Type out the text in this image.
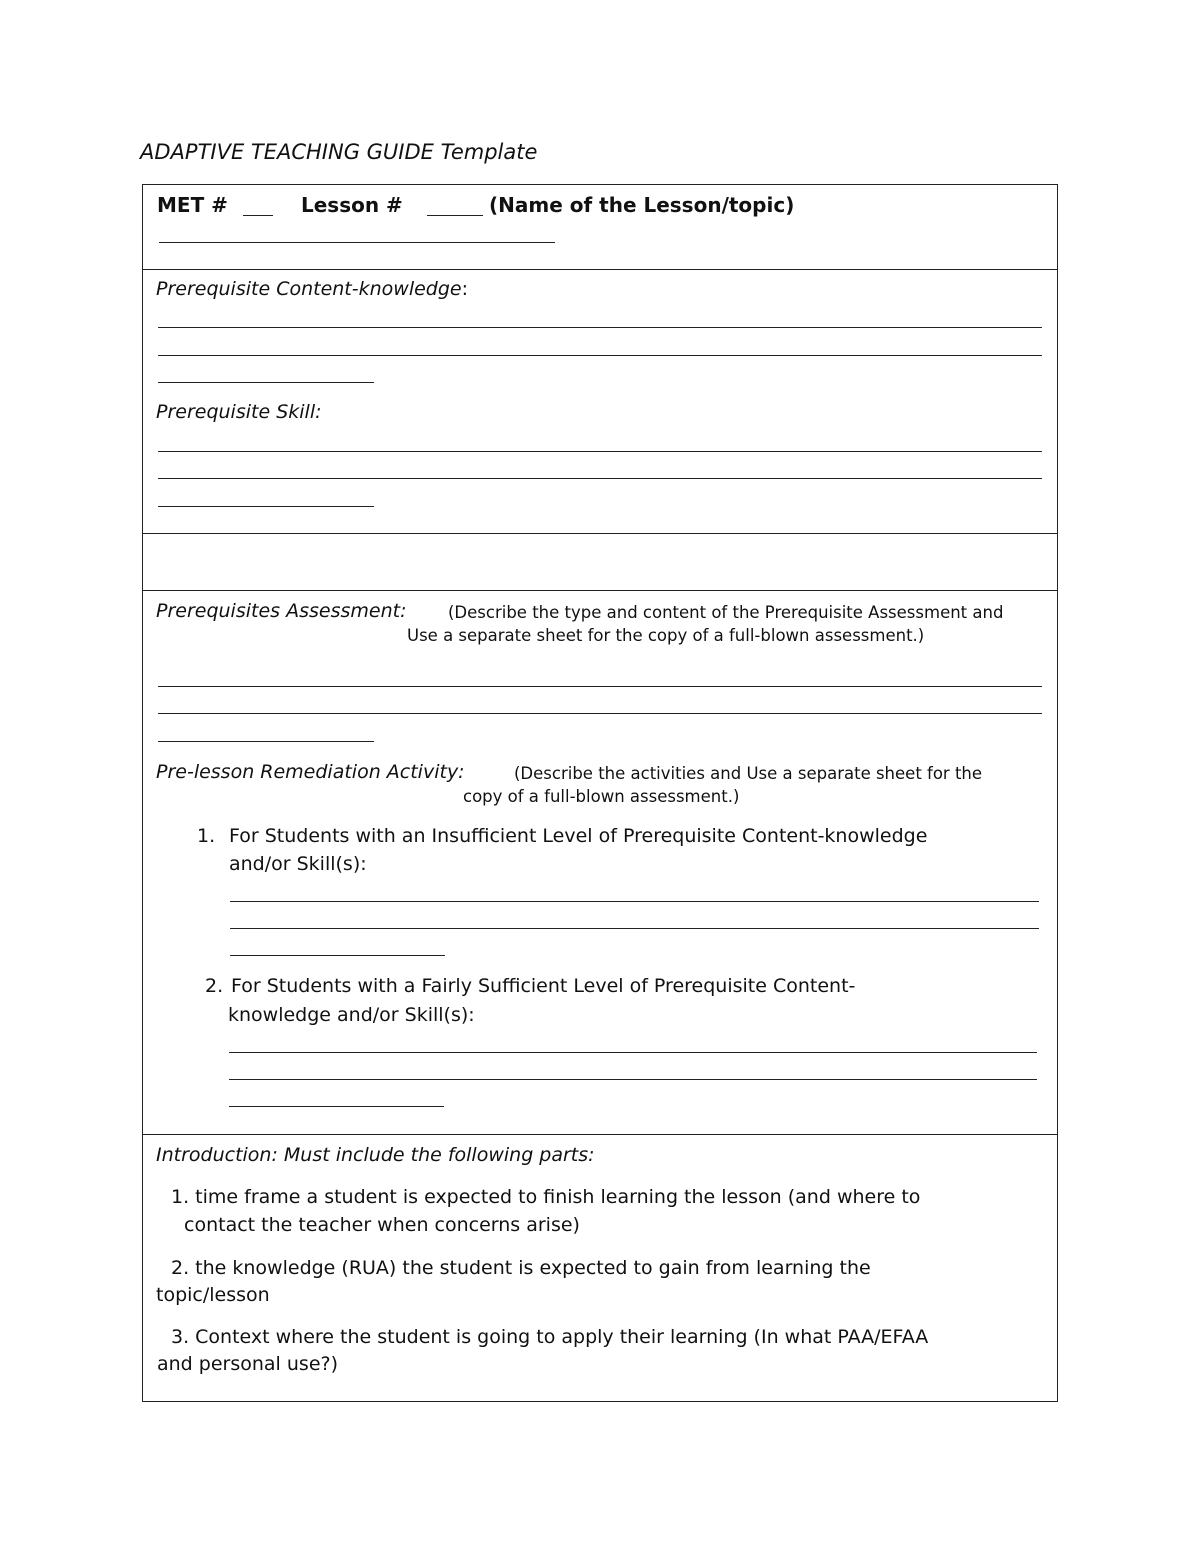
ADAPTIVE TEACHING GUIDE Template
MET #	Lesson #	(Name of the Lesson/topic)
Prerequisite Content-knowledge:
Prerequisite Skill:
Prerequisites Assessment:	(Describe the type and content of the Prerequisite Assessment and
Use a separate sheet for the copy of a full-blown assessment.)
Pre-lesson Remediation Activity:	(Describe the activities and Use a separate sheet for the
copy of a full-blown assessment.)
1. For Students with an Insufficient Level of Prerequisite Content-knowledge
and/or Skill(s):
2. For Students with a Fairly Sufficient Level of Prerequisite Content-
knowledge and/or Skill(s):
Introduction: Must include the following parts:
1. time frame a student is expected to finish learning the lesson (and where to
contact the teacher when concerns arise)
2. the knowledge (RUA) the student is expected to gain from learning the
topic/lesson
3. Context where the student is going to apply their learning (In what PAA/EFAA
and personal use?)
